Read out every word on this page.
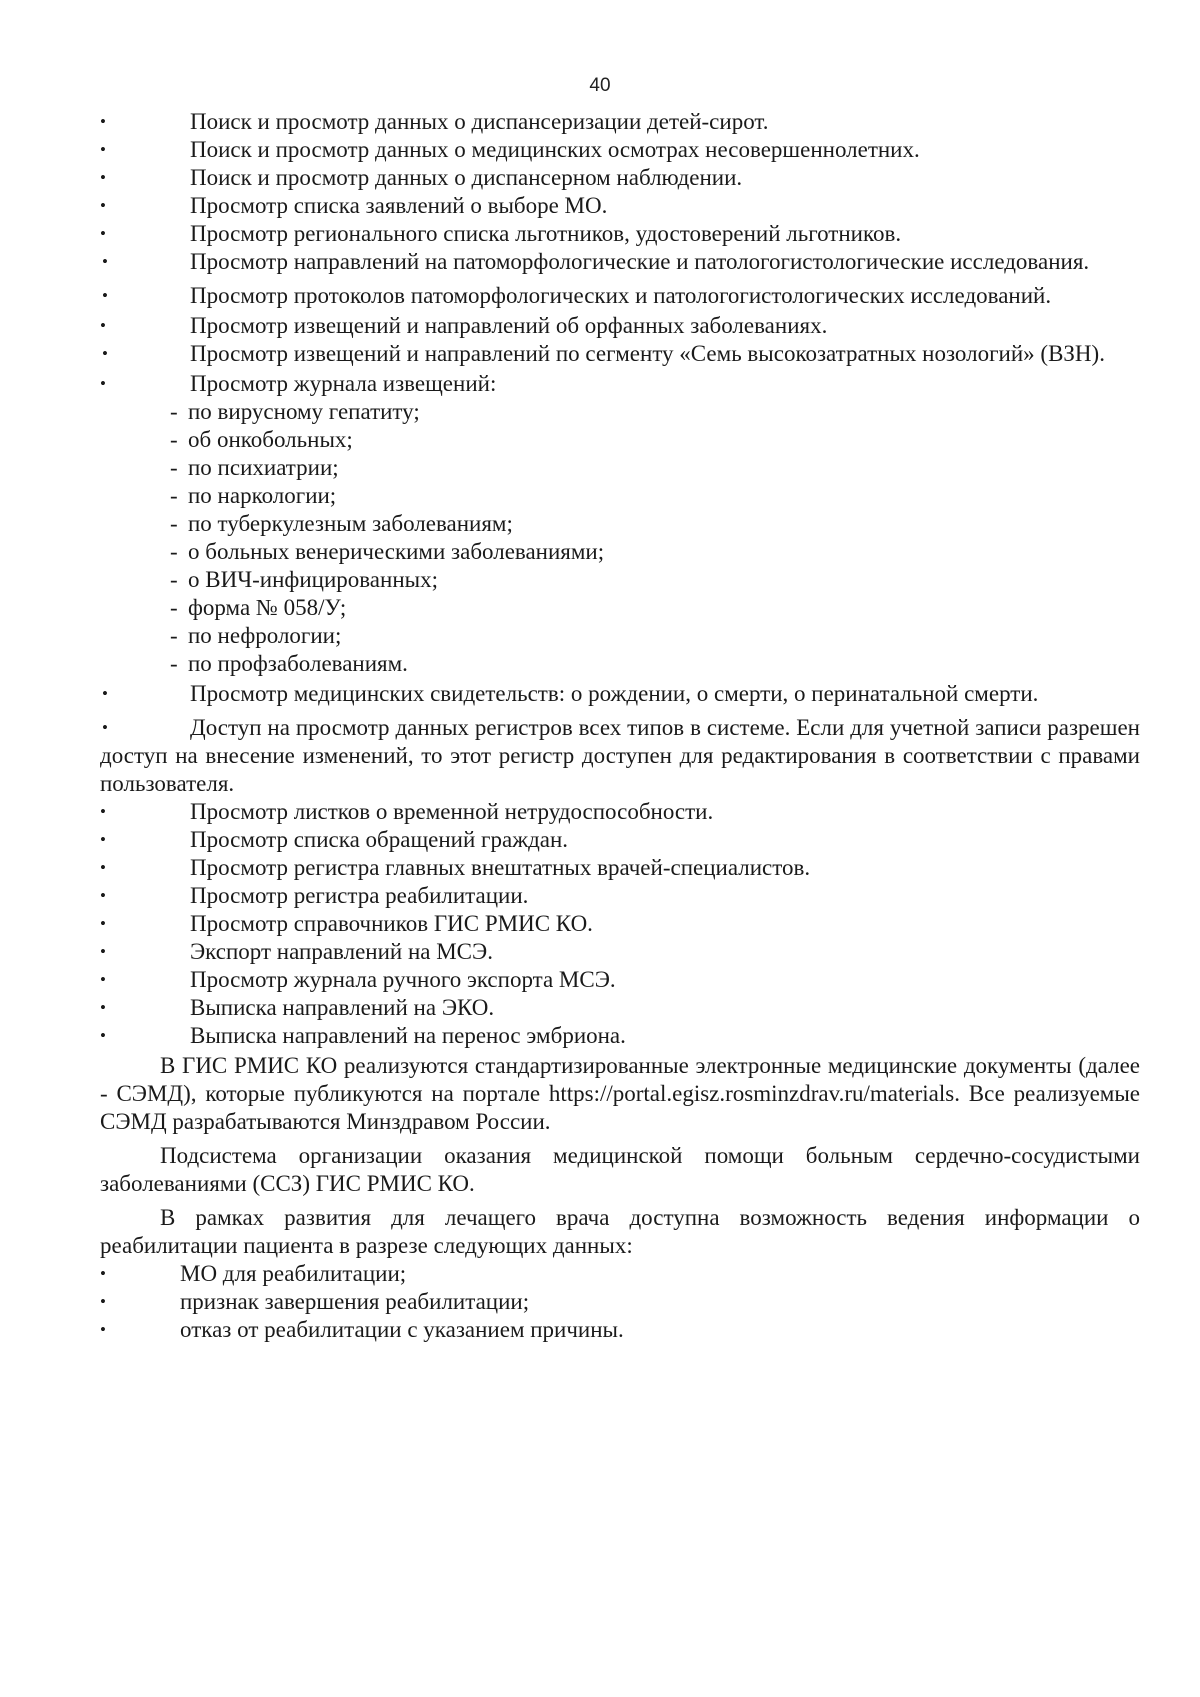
40
•	Поиск и просмотр данных о диспансеризации детей-сирот.
•	Поиск и просмотр данных о медицинских осмотрах несовершеннолетних.
•	Поиск и просмотр данных о диспансерном наблюдении.
•	Просмотр списка заявлений о выборе МО.
•	Просмотр регионального списка льготников, удостоверений льготников.
•	Просмотр направлений на патоморфологические и патологогистологические исследования.
•	Просмотр протоколов патоморфологических и патологогистологических исследований.
•	Просмотр извещений и направлений об орфанных заболеваниях.
•	Просмотр извещений и направлений по сегменту «Семь высокозатратных нозологий» (ВЗН).
•	Просмотр журнала извещений:
- по вирусному гепатиту;
- об онкобольных;
- по психиатрии;
- по наркологии;
- по туберкулезным заболеваниям;
- о больных венерическими заболеваниями;
- о ВИЧ-инфицированных;
- форма № 058/У;
- по нефрологии;
- по профзаболеваниям.
•	Просмотр медицинских свидетельств: о рождении, о смерти, о перинатальной смерти.
•	Доступ на просмотр данных регистров всех типов в системе. Если для учетной записи разрешен доступ на внесение изменений, то этот регистр доступен для редактирования в соответствии с правами пользователя.
•	Просмотр листков о временной нетрудоспособности.
•	Просмотр списка обращений граждан.
•	Просмотр регистра главных внештатных врачей-специалистов.
•	Просмотр регистра реабилитации.
•	Просмотр справочников ГИС РМИС КО.
•	Экспорт направлений на МСЭ.
•	Просмотр журнала ручного экспорта МСЭ.
•	Выписка направлений на ЭКО.
•	Выписка направлений на перенос эмбриона.

В ГИС РМИС КО реализуются стандартизированные электронные медицинские документы (далее - СЭМД), которые публикуются на портале https://portal.egisz.rosminzdrav.ru/materials. Все реализуемые СЭМД разрабатываются Минздравом России.

Подсистема организации оказания медицинской помощи больным сердечно-сосудистыми заболеваниями (ССЗ) ГИС РМИС КО.

В рамках развития для лечащего врача доступна возможность ведения информации о реабилитации пациента в разрезе следующих данных:

•	МО для реабилитации;
•	признак завершения реабилитации;
•	отказ от реабилитации с указанием причины.
